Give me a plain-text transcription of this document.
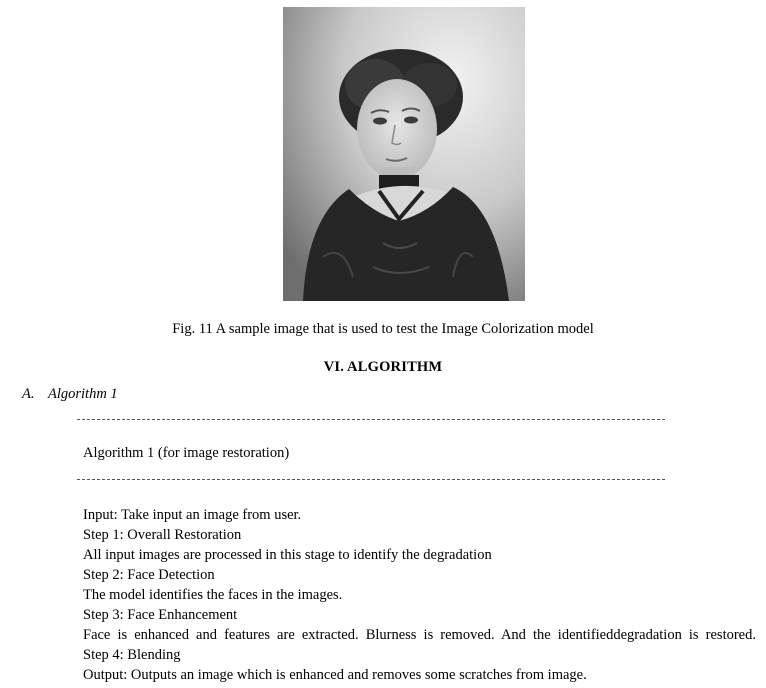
Fig. 11 A sample image that is used to test the Image Colorization model
VI. ALGORITHM
A. Algorithm 1
Algorithm 1 (for image restoration)
Input: Take input an image from user.
Step 1: Overall Restoration
All input images are processed in this stage to identify the degradation
Step 2: Face Detection
The model identifies the faces in the images.
Step 3: Face Enhancement
Face is enhanced and features are extracted. Blurness is removed. And the identifieddegradation is restored.
Step 4: Blending
Output: Outputs an image which is enhanced and removes some scratches from image.
